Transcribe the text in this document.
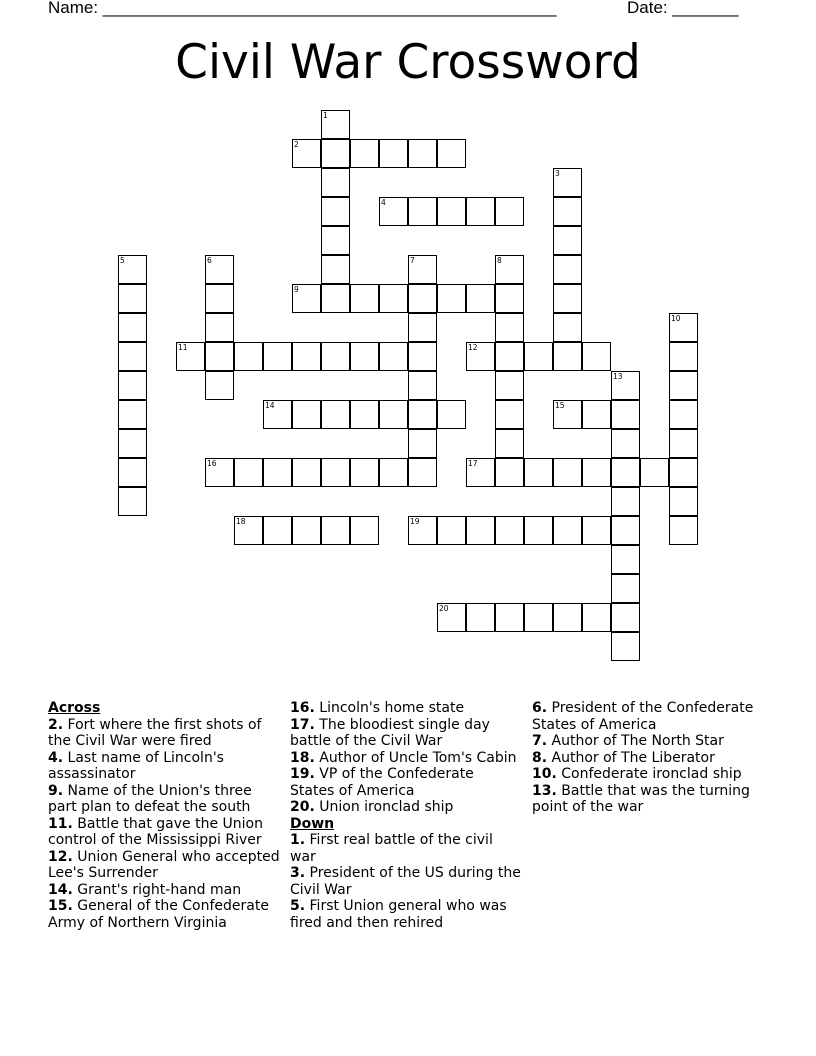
Name: ________________________________________________	Date: _______
Civil War Crossword
1
2
3
4
5	6	7	8
9
10
11	12
13
14	15
16	17
18	19
20
Across
2. Fort where the first shots of the Civil War were fired
4. Last name of Lincoln's assassinator
9. Name of the Union's three part plan to defeat the south
11. Battle that gave the Union control of the Mississippi River
12. Union General who accepted Lee's Surrender
14. Grant's right-hand man
15. General of the Confederate Army of Northern Virginia
16. Lincoln's home state
17. The bloodiest single day battle of the Civil War
18. Author of Uncle Tom's Cabin
19. VP of the Confederate States of America
20. Union ironclad ship
Down
1. First real battle of the civil war
3. President of the US during the Civil War
5. First Union general who was fired and then rehired
6. President of the Confederate States of America
7. Author of The North Star
8. Author of The Liberator
10. Confederate ironclad ship
13. Battle that was the turning point of the war
